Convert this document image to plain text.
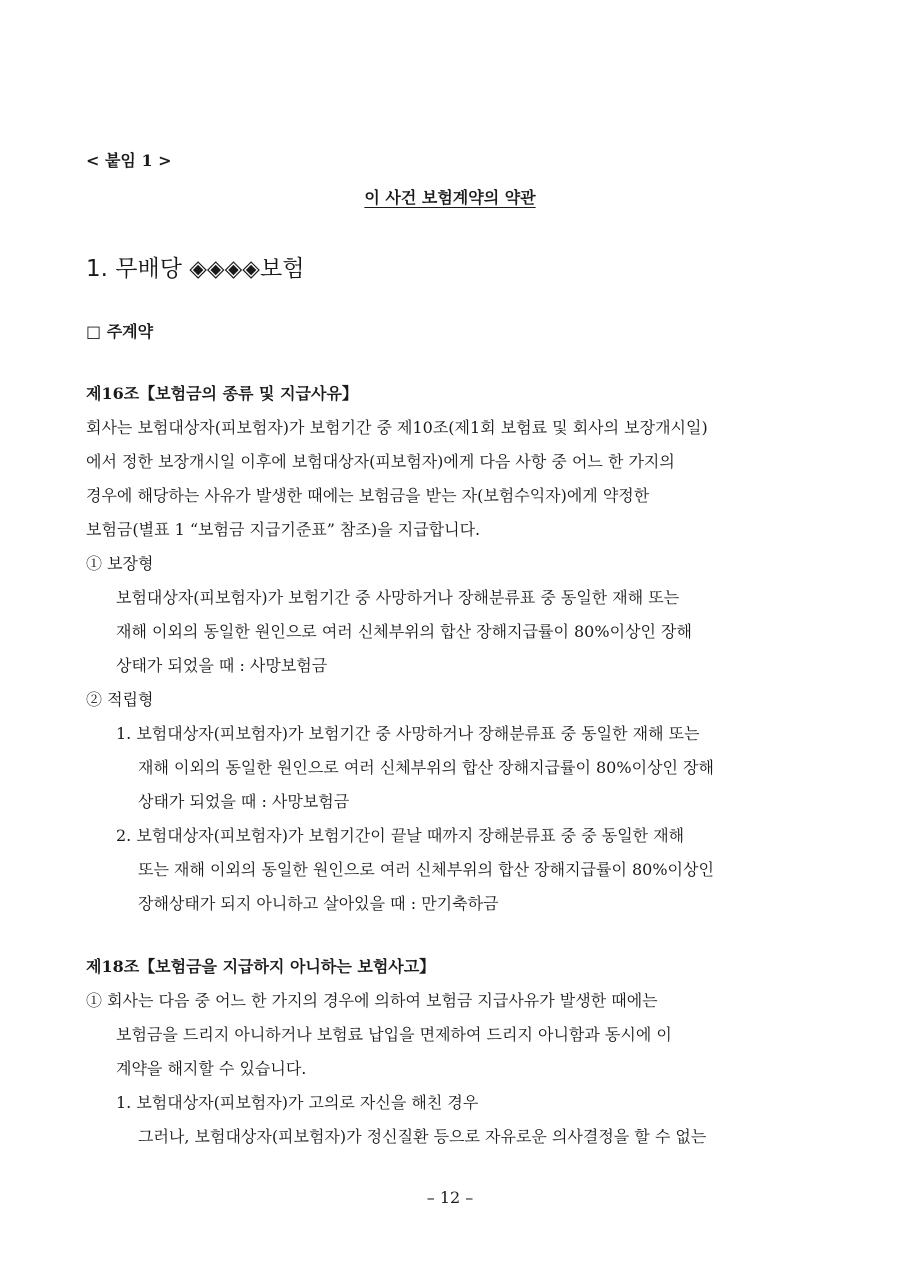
< 붙임 1 >
이 사건 보험계약의 약관
1. 무배당 ◈◈◈◈보험
□ 주계약
제16조【보험금의 종류 및 지급사유】
회사는 보험대상자(피보험자)가 보험기간 중 제10조(제1회 보험료 및 회사의 보장개시일)
에서 정한 보장개시일 이후에 보험대상자(피보험자)에게 다음 사항 중 어느 한 가지의
경우에 해당하는 사유가 발생한 때에는 보험금을 받는 자(보험수익자)에게 약정한
보험금(별표 1 “보험금 지급기준표” 참조)을 지급합니다.
① 보장형
보험대상자(피보험자)가 보험기간 중 사망하거나 장해분류표 중 동일한 재해 또는
재해 이외의 동일한 원인으로 여러 신체부위의 합산 장해지급률이 80%이상인 장해
상태가 되었을 때 : 사망보험금
② 적립형
1. 보험대상자(피보험자)가 보험기간 중 사망하거나 장해분류표 중 동일한 재해 또는
재해 이외의 동일한 원인으로 여러 신체부위의 합산 장해지급률이 80%이상인 장해
상태가 되었을 때 : 사망보험금
2. 보험대상자(피보험자)가 보험기간이 끝날 때까지 장해분류표 중 중 동일한 재해
또는 재해 이외의 동일한 원인으로 여러 신체부위의 합산 장해지급률이 80%이상인
장해상태가 되지 아니하고 살아있을 때 : 만기축하금
제18조【보험금을 지급하지 아니하는 보험사고】
① 회사는 다음 중 어느 한 가지의 경우에 의하여 보험금 지급사유가 발생한 때에는
보험금을 드리지 아니하거나 보험료 납입을 면제하여 드리지 아니함과 동시에 이
계약을 해지할 수 있습니다.
1. 보험대상자(피보험자)가 고의로 자신을 해친 경우
그러나, 보험대상자(피보험자)가 정신질환 등으로 자유로운 의사결정을 할 수 없는
– 12 –
